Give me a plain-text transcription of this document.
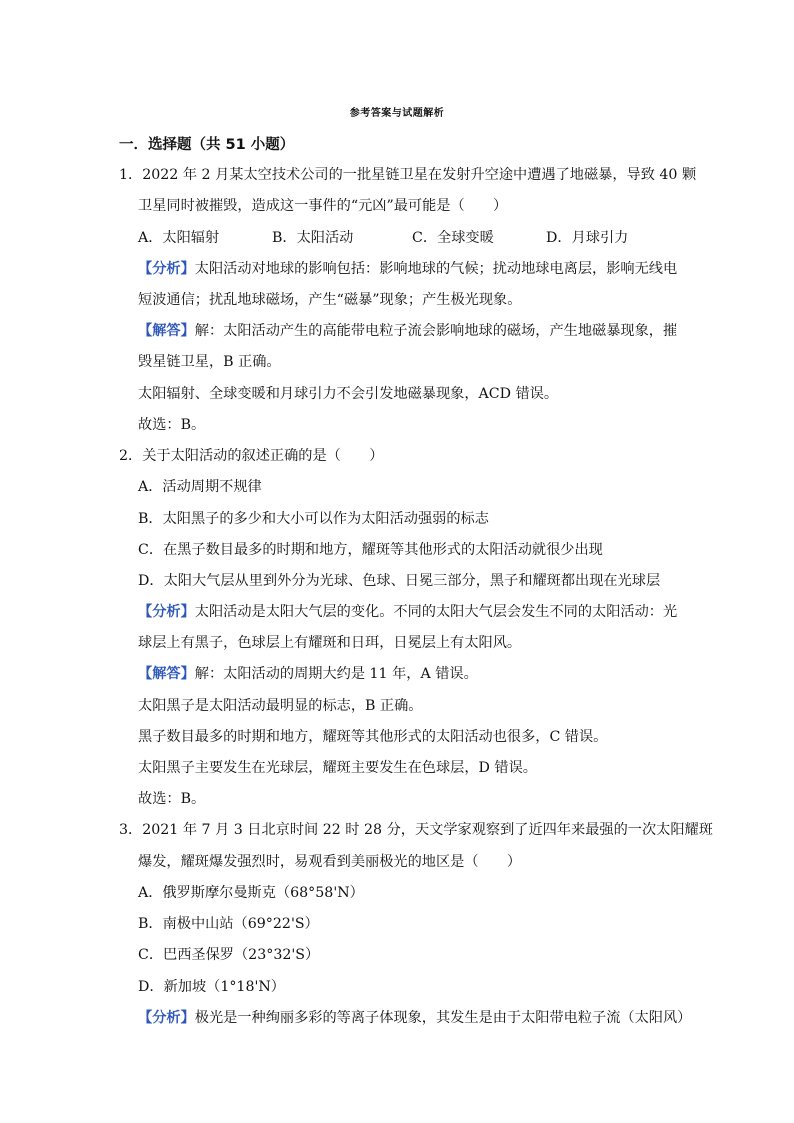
参考答案与试题解析
一．选择题（共 51 小题）
1．2022 年 2 月某太空技术公司的一批星链卫星在发射升空途中遭遇了地磁暴，导致 40 颗
卫星同时被摧毁，造成这一事件的“元凶”最可能是（　　）
A．太阳辐射	B．太阳活动	C．全球变暖	D．月球引力
【分析】太阳活动对地球的影响包括：影响地球的气候；扰动地球电离层，影响无线电
短波通信；扰乱地球磁场，产生“磁暴”现象；产生极光现象。
【解答】解：太阳活动产生的高能带电粒子流会影响地球的磁场，产生地磁暴现象，摧
毁星链卫星，B 正确。
太阳辐射、全球变暖和月球引力不会引发地磁暴现象，ACD 错误。
故选：B。
2．关于太阳活动的叙述正确的是（　　）
A．活动周期不规律
B．太阳黑子的多少和大小可以作为太阳活动强弱的标志
C．在黑子数目最多的时期和地方，耀斑等其他形式的太阳活动就很少出现
D．太阳大气层从里到外分为光球、色球、日冕三部分，黑子和耀斑都出现在光球层
【分析】太阳活动是太阳大气层的变化。不同的太阳大气层会发生不同的太阳活动：光
球层上有黑子，色球层上有耀斑和日珥，日冕层上有太阳风。
【解答】解：太阳活动的周期大约是 11 年，A 错误。
太阳黑子是太阳活动最明显的标志，B 正确。
黑子数目最多的时期和地方，耀斑等其他形式的太阳活动也很多，C 错误。
太阳黑子主要发生在光球层，耀斑主要发生在色球层，D 错误。
故选：B。
3．2021 年 7 月 3 日北京时间 22 时 28 分，天文学家观察到了近四年来最强的一次太阳耀斑
爆发，耀斑爆发强烈时，易观看到美丽极光的地区是（　　）
A．俄罗斯摩尔曼斯克（68°58'N）
B．南极中山站（69°22'S）
C．巴西圣保罗（23°32'S）
D．新加坡（1°18'N）
【分析】极光是一种绚丽多彩的等离子体现象，其发生是由于太阳带电粒子流（太阳风）
